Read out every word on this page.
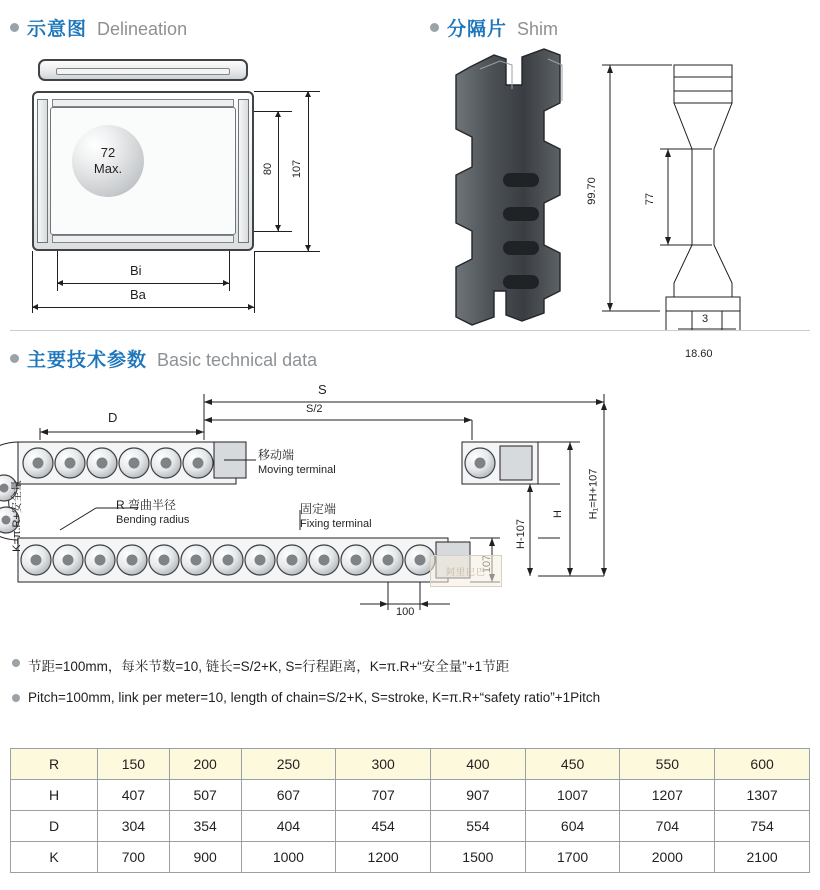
示意图 Delineation	分隔片 Shim
主要技术参数 Basic technical data
72
Max.	80 107
Bi
Ba
99.70	77
3
18.60
S
S/2
D
K=π.R+安全量
移动端
Moving terminal
固定端
Fixing terminal
R 弯曲半径
Bending radius
100
H-107
H H₁=H+107
阿里巴巴
节距=100mm，每米节数=10, 链长=S/2+K, S=行程距离，K=π.R+“安全量”+1节距
Pitch=100mm, link per meter=10, length of chain=S/2+K, S=stroke, K=π.R+“safety ratio”+1Pitch
R	150	200	250	300	400	450	550	600
H	407	507	607	707	907	1007	1207	1307
D	304	354	404	454	554	604	704	754
K	700	900	1000	1200	1500	1700	2000	2100
